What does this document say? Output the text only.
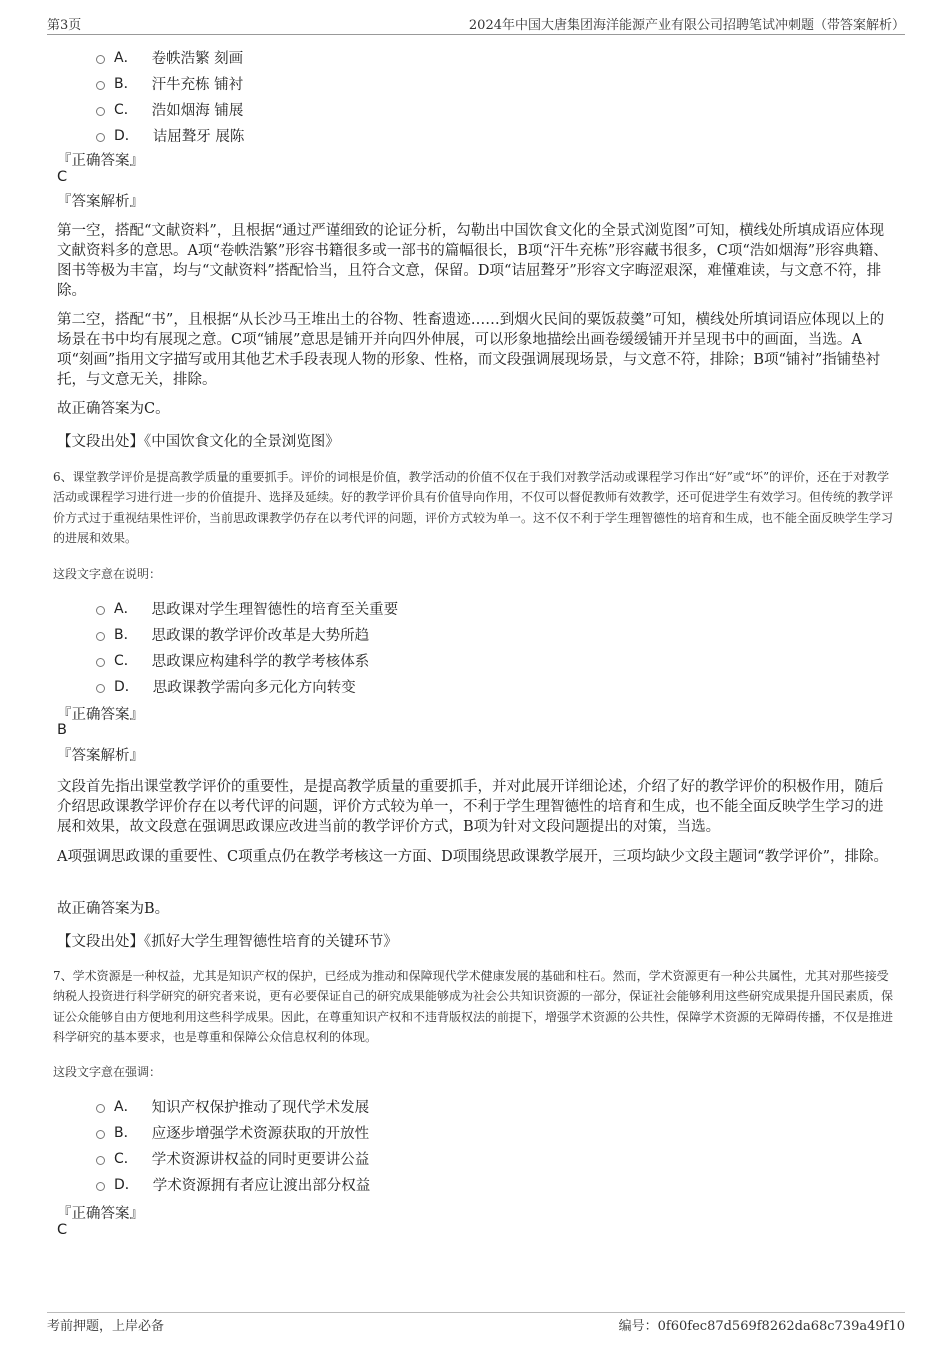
第3页	2024年中国大唐集团海洋能源产业有限公司招聘笔试冲刺题（带答案解析）
A． 卷帙浩繁 刻画
B． 汗牛充栋 铺衬
C． 浩如烟海 铺展
D． 诘屈聱牙 展陈
『正确答案』
C
『答案解析』
第一空，搭配“文献资料”，且根据“通过严谨细致的论证分析，勾勒出中国饮食文化的全景式浏览图”可知，横线处所填成语应体现文献资料多的意思。A项“卷帙浩繁”形容书籍很多或一部书的篇幅很长，B项“汗牛充栋”形容藏书很多，C项“浩如烟海”形容典籍、图书等极为丰富，均与“文献资料”搭配恰当，且符合文意，保留。D项“诘屈聱牙”形容文字晦涩艰深，难懂难读，与文意不符，排除。
第二空，搭配“书”，且根据“从长沙马王堆出土的谷物、牲畜遗迹……到烟火民间的粟饭菽羹”可知，横线处所填词语应体现以上的场景在书中均有展现之意。C项“铺展”意思是铺开并向四外伸展，可以形象地描绘出画卷缓缓铺开并呈现书中的画面，当选。A项“刻画”指用文字描写或用其他艺术手段表现人物的形象、性格，而文段强调展现场景，与文意不符，排除；B项“铺衬”指铺垫衬托，与文意无关，排除。
故正确答案为C。
【文段出处】《中国饮食文化的全景浏览图》
6、课堂教学评价是提高教学质量的重要抓手。评价的词根是价值，教学活动的价值不仅在于我们对教学活动或课程学习作出“好”或“坏”的评价，还在于对教学活动或课程学习进行进一步的价值提升、选择及延续。好的教学评价具有价值导向作用，不仅可以督促教师有效教学，还可促进学生有效学习。但传统的教学评价方式过于重视结果性评价，当前思政课教学仍存在以考代评的问题，评价方式较为单一。这不仅不利于学生理智德性的培育和生成，也不能全面反映学生学习的进展和效果。
这段文字意在说明：
A． 思政课对学生理智德性的培育至关重要
B． 思政课的教学评价改革是大势所趋
C． 思政课应构建科学的教学考核体系
D． 思政课教学需向多元化方向转变
『正确答案』
B
『答案解析』
文段首先指出课堂教学评价的重要性，是提高教学质量的重要抓手，并对此展开详细论述，介绍了好的教学评价的积极作用，随后介绍思政课教学评价存在以考代评的问题，评价方式较为单一，不利于学生理智德性的培育和生成，也不能全面反映学生学习的进展和效果，故文段意在强调思政课应改进当前的教学评价方式，B项为针对文段问题提出的对策，当选。
A项强调思政课的重要性、C项重点仍在教学考核这一方面、D项围绕思政课教学展开，三项均缺少文段主题词“教学评价”，排除。
故正确答案为B。
【文段出处】《抓好大学生理智德性培育的关键环节》
7、学术资源是一种权益，尤其是知识产权的保护，已经成为推动和保障现代学术健康发展的基础和柱石。然而，学术资源更有一种公共属性，尤其对那些接受纳税人投资进行科学研究的研究者来说，更有必要保证自己的研究成果能够成为社会公共知识资源的一部分，保证社会能够利用这些研究成果提升国民素质，保证公众能够自由方便地利用这些科学成果。因此，在尊重知识产权和不违背版权法的前提下，增强学术资源的公共性，保障学术资源的无障碍传播，不仅是推进科学研究的基本要求，也是尊重和保障公众信息权利的体现。
这段文字意在强调：
A． 知识产权保护推动了现代学术发展
B． 应逐步增强学术资源获取的开放性
C． 学术资源讲权益的同时更要讲公益
D． 学术资源拥有者应让渡出部分权益
『正确答案』
C
考前押题，上岸必备	编号：0f60fec87d569f8262da68c739a49f10
